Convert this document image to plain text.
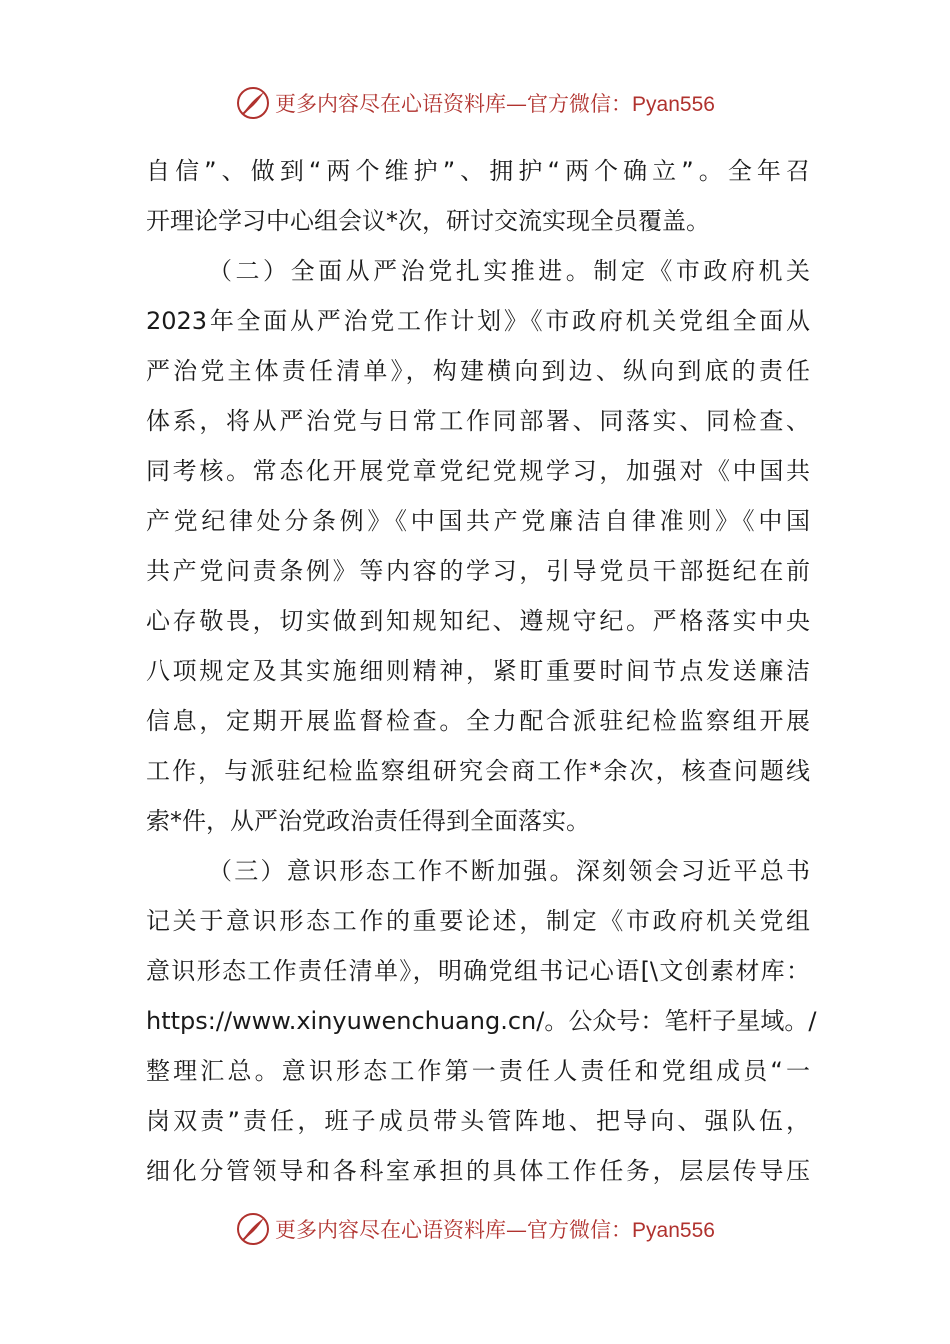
更多内容尽在心语资料库—官方微信：Pyan556
自信”、做到“两个维护”、拥护“两个确立”。全年召
开理论学习中心组会议*次，研讨交流实现全员覆盖。
（二）全面从严治党扎实推进。制定《市政府机关
2023年全面从严治党工作计划》《市政府机关党组全面从
严治党主体责任清单》，构建横向到边、纵向到底的责任
体系，将从严治党与日常工作同部署、同落实、同检查、
同考核。常态化开展党章党纪党规学习，加强对《中国共
产党纪律处分条例》《中国共产党廉洁自律准则》《中国
共产党问责条例》等内容的学习，引导党员干部挺纪在前
心存敬畏，切实做到知规知纪、遵规守纪。严格落实中央
八项规定及其实施细则精神，紧盯重要时间节点发送廉洁
信息，定期开展监督检查。全力配合派驻纪检监察组开展
工作，与派驻纪检监察组研究会商工作*余次，核查问题线
索*件，从严治党政治责任得到全面落实。
（三）意识形态工作不断加强。深刻领会习近平总书
记关于意识形态工作的重要论述，制定《市政府机关党组
意识形态工作责任清单》，明确党组书记心语[\文创素材库：
https://www.xinyuwenchuang.cn/。公众号：笔杆子星域。/
整理汇总。意识形态工作第一责任人责任和党组成员“一
岗双责”责任，班子成员带头管阵地、把导向、强队伍，
细化分管领导和各科室承担的具体工作任务，层层传导压
更多内容尽在心语资料库—官方微信：Pyan556
